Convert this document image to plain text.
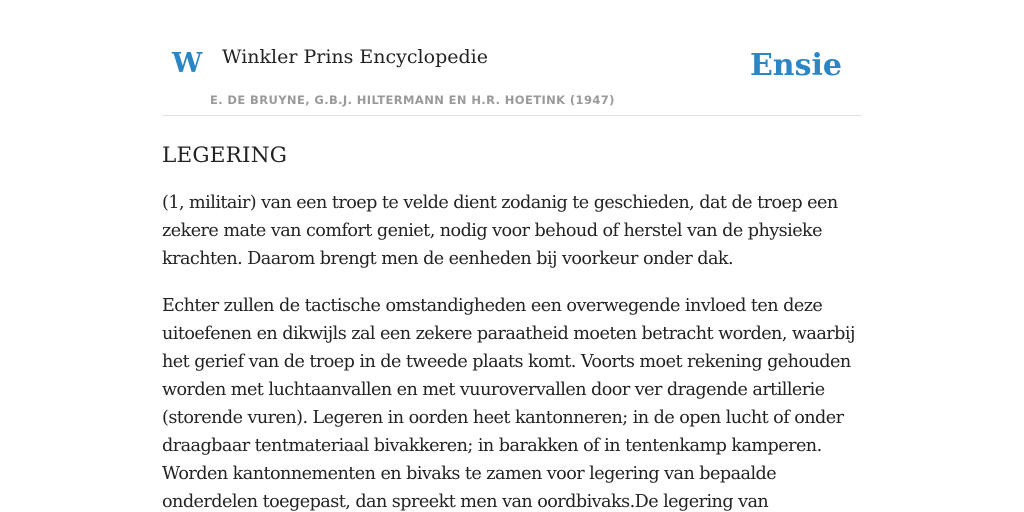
W Winkler Prins Encyclopedie
E. DE BRUYNE, G.B.J. HILTERMANN EN H.R. HOETINK (1947)
Ensie
LEGERING

(1, militair) van een troep te velde dient zodanig te geschieden, dat de troep een zekere mate van comfort geniet, nodig voor behoud of herstel van de physieke krachten. Daarom brengt men de eenheden bij voorkeur onder dak.

Echter zullen de tactische omstandigheden een overwegende invloed ten deze uitoefenen en dikwijls zal een zekere paraatheid moeten betracht worden, waarbij het gerief van de troep in de tweede plaats komt. Voorts moet rekening gehouden worden met luchtaanvallen en met vuurovervallen door ver dragende artillerie (storende vuren). Legeren in oorden heet kantonneren; in de open lucht of onder draagbaar tentmateriaal bivakkeren; in barakken of in tentenkamp kamperen. Worden kantonnementen en bivaks te zamen voor legering van bepaalde onderdelen toegepast, dan spreekt men van oordbivaks.De legering van
